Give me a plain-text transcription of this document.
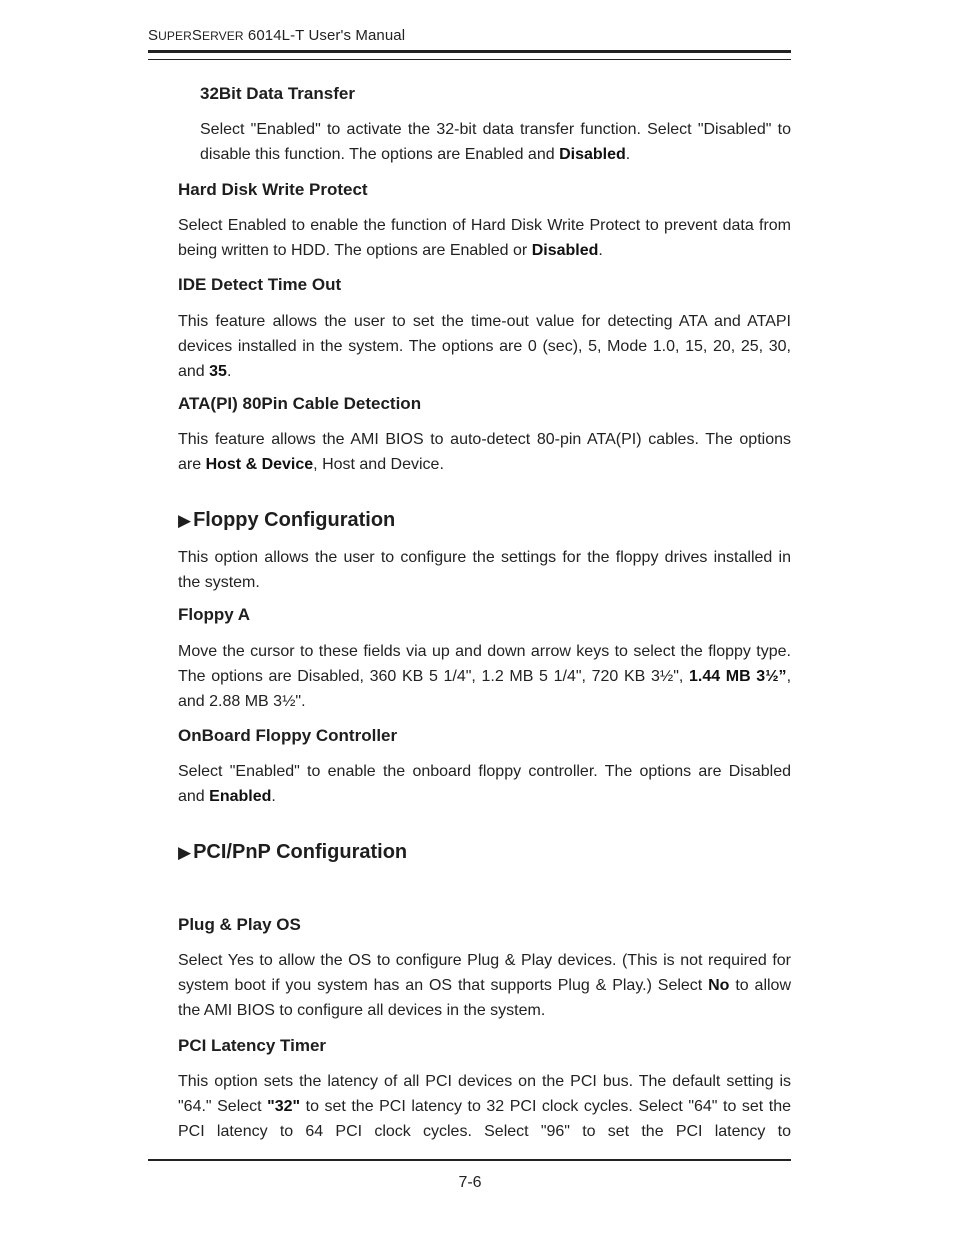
SUPERSERVER 6014L-T User's Manual
32Bit Data Transfer

Select "Enabled" to activate the 32-bit data transfer function. Select "Disabled" to disable this function. The options are Enabled and Disabled.

Hard Disk Write Protect

Select Enabled to enable the function of Hard Disk Write Protect to prevent data from being written to HDD. The options are Enabled or Disabled.

IDE Detect Time Out

This feature allows the user to set the time-out value for detecting ATA and ATAPI devices installed in the system. The options are 0 (sec), 5, Mode 1.0, 15, 20, 25, 30, and 35.

ATA(PI) 80Pin Cable Detection

This feature allows the AMI BIOS to auto-detect 80-pin ATA(PI) cables. The options are Host & Device, Host and Device.

▶ Floppy Configuration

This option allows the user to configure the settings for the floppy drives installed in the system.

Floppy A

Move the cursor to these fields via up and down arrow keys to select the floppy type. The options are Disabled, 360 KB 5 1/4", 1.2 MB 5 1/4", 720 KB 3½", 1.44 MB 3½”, and 2.88 MB 3½".

OnBoard Floppy Controller

Select "Enabled" to enable the onboard floppy controller. The options are Disabled and Enabled.

▶ PCI/PnP Configuration
Plug & Play OS

Select Yes to allow the OS to configure Plug & Play devices. (This is not required for system boot if you system has an OS that supports Plug & Play.) Select No to allow the AMI BIOS to configure all devices in the system.

PCI Latency Timer

This option sets the latency of all PCI devices on the PCI bus. The default setting is "64." Select "32" to set the PCI latency to 32 PCI clock cycles. Select "64" to set the PCI latency to 64 PCI clock cycles. Select "96" to set the PCI latency to

7-6
